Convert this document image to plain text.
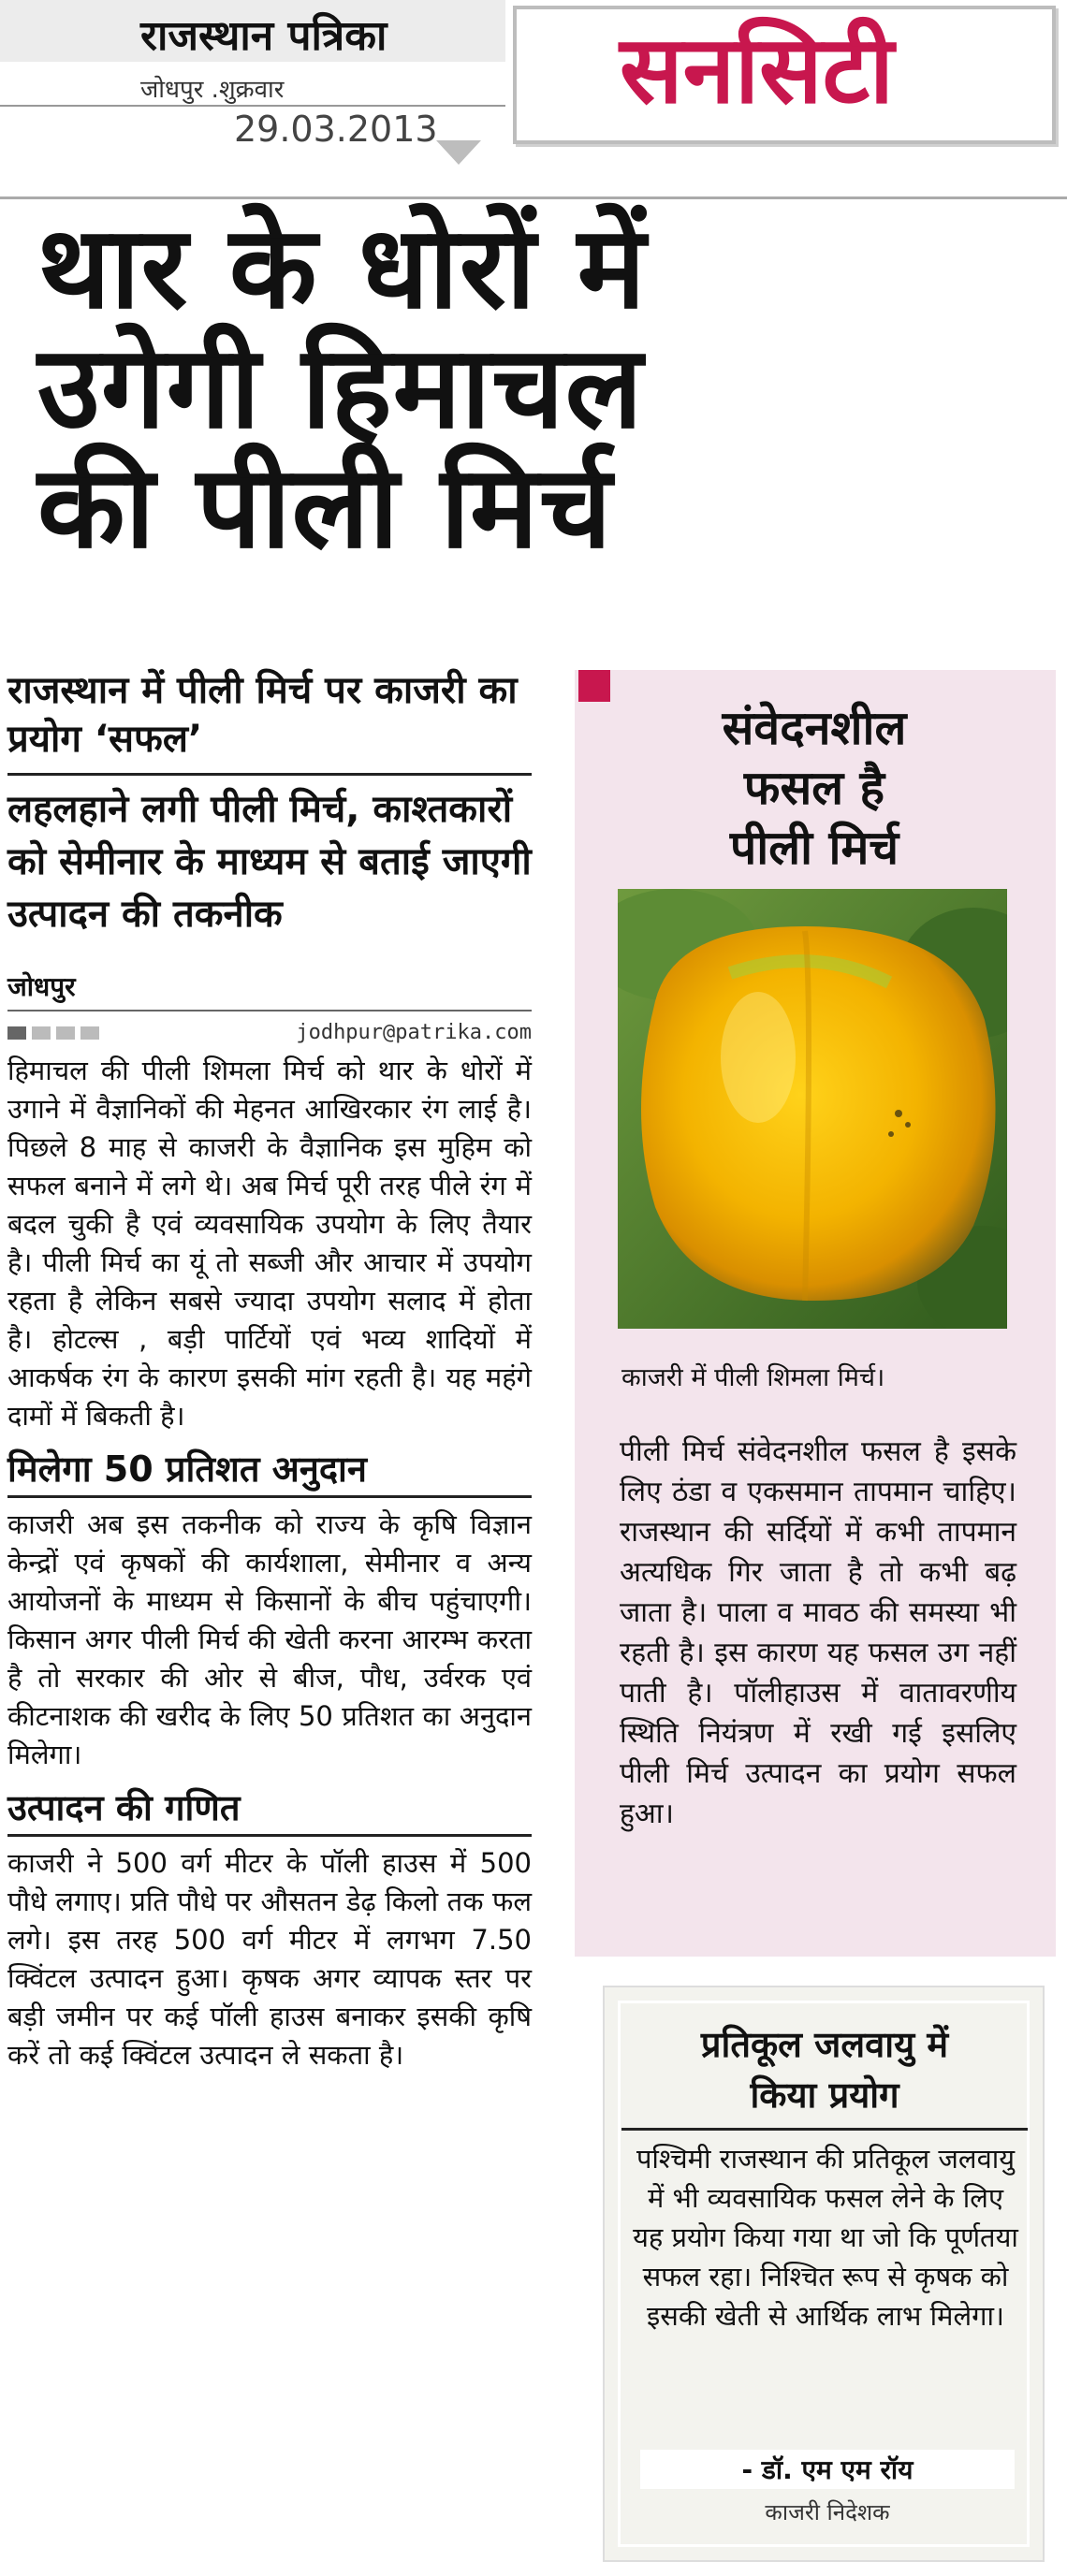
राजस्थान पत्रिका
जोधपुर .शुक्रवार
29.03.2013
सनसिटी
थार के धोरों में
उगेगी हिमाचल
की पीली मिर्च
राजस्थान में पीली मिर्च पर काजरी का प्रयोग ‘सफल’
लहलहाने लगी पीली मिर्च, काश्तकारों को सेमीनार के माध्यम से बताई जाएगी उत्पादन की तकनीक
जोधपुर
jodhpur@patrika.com

हिमाचल की पीली शिमला मिर्च को थार के धोरों में उगाने में वैज्ञानिकों की मेहनत आखिरकार रंग लाई है। पिछले 8 माह से काजरी के वैज्ञानिक इस मुहिम को सफल बनाने में लगे थे। अब मिर्च पूरी तरह पीले रंग में बदल चुकी है एवं व्यवसायिक उपयोग के लिए तैयार है। पीली मिर्च का यूं तो सब्जी और आचार में उपयोग रहता है लेकिन सबसे ज्यादा उपयोग सलाद में होता है। होटल्स , बड़ी पार्टियों एवं भव्य शादियों में आकर्षक रंग के कारण इसकी मांग रहती है। यह महंगे दामों में बिकती है।

मिलेगा 50 प्रतिशत अनुदान

काजरी अब इस तकनीक को राज्य के कृषि विज्ञान केन्द्रों एवं कृषकों की कार्यशाला, सेमीनार व अन्य आयोजनों के माध्यम से किसानों के बीच पहुंचाएगी। किसान अगर पीली मिर्च की खेती करना आरम्भ करता है तो सरकार की ओर से बीज, पौध, उर्वरक एवं कीटनाशक की खरीद के लिए 50 प्रतिशत का अनुदान मिलेगा।

उत्पादन की गणित

काजरी ने 500 वर्ग मीटर के पॉली हाउस में 500 पौधे लगाए। प्रति पौधे पर औसतन डेढ़ किलो तक फल लगे। इस तरह 500 वर्ग मीटर में लगभग 7.50 क्विंटल उत्पादन हुआ। कृषक अगर व्यापक स्तर पर बड़ी जमीन पर कई पॉली हाउस बनाकर इसकी कृषि करें तो कई क्विंटल उत्पादन ले सकता है।

संवेदनशील
फसल है
पीली मिर्च
काजरी में पीली शिमला मिर्च।

पीली मिर्च संवेदनशील फसल है इसके लिए ठंडा व एकसमान तापमान चाहिए। राजस्थान की सर्दियों में कभी तापमान अत्यधिक गिर जाता है तो कभी बढ़ जाता है। पाला व मावठ की समस्या भी रहती है। इस कारण यह फसल उग नहीं पाती है। पॉलीहाउस में वातावरणीय स्थिति नियंत्रण में रखी गई इसलिए पीली मिर्च उत्पादन का प्रयोग सफल हुआ।

प्रतिकूल जलवायु में
किया प्रयोग

पश्चिमी राजस्थान की प्रतिकूल जलवायु में भी व्यवसायिक फसल लेने के लिए यह प्रयोग किया गया था जो कि पूर्णतया सफल रहा। निश्चित रूप से कृषक को इसकी खेती से आर्थिक लाभ मिलेगा।

- डॉ. एम एम रॉय
काजरी निदेशक
